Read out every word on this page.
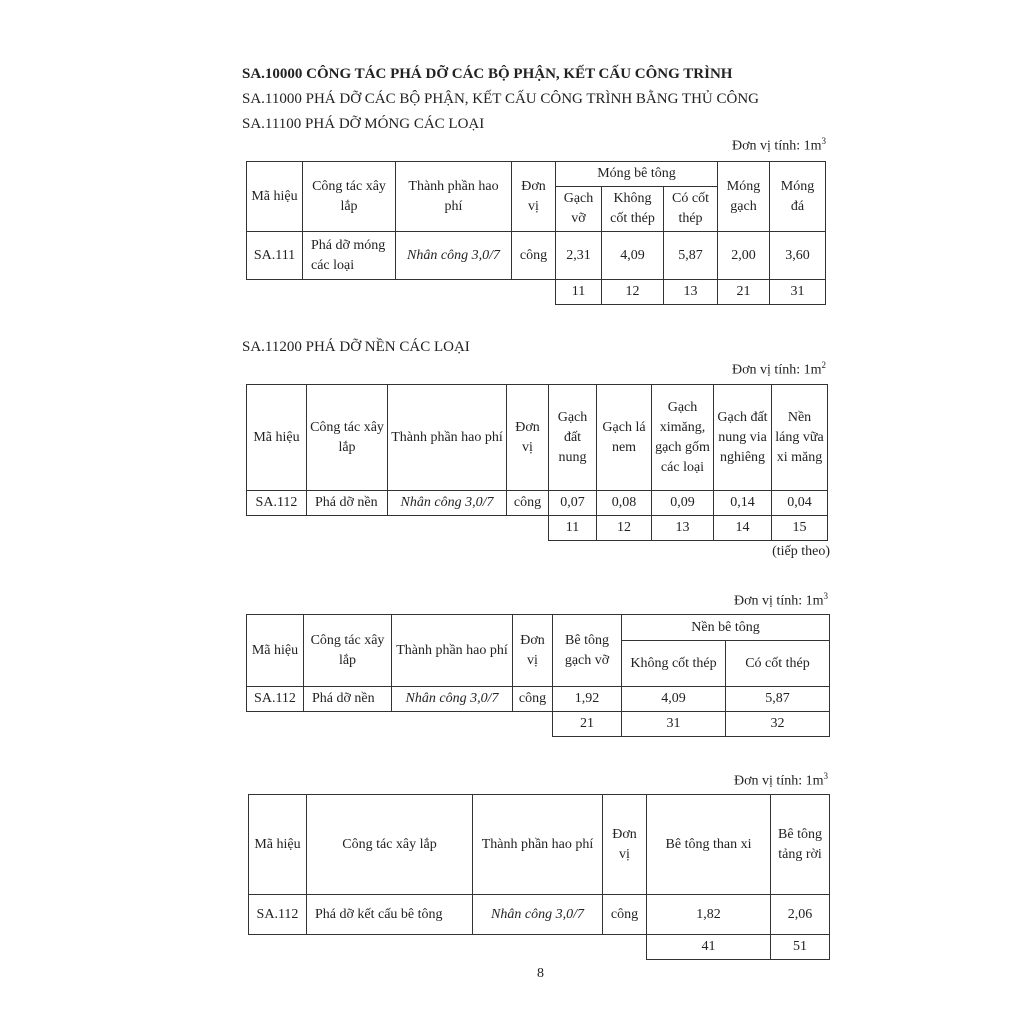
SA.10000 CÔNG TÁC PHÁ DỠ CÁC BỘ PHẬN, KẾT CẤU CÔNG TRÌNH
SA.11000 PHÁ DỠ CÁC BỘ PHẬN, KẾT CẤU CÔNG TRÌNH BẰNG THỦ CÔNG
SA.11100 PHÁ DỠ MÓNG CÁC LOẠI
Đơn vị tính: $1m^3$
Mã hiệu	Công tác xây lắp	Thành phần hao phí	Đơn vị	Móng bê tông			Móng gạch	Móng đá
				Gạch vỡ	Không cốt thép	Có cốt thép		
SA.111	Phá dỡ móng các loại	Nhân công 3,0/7	công	2,31	4,09	5,87	2,00	3,60
				11	12	13	21	31
SA.11200 PHÁ DỠ NỀN CÁC LOẠI
Đơn vị tính: $1m^2$
Mã hiệu	Công tác xây lắp	Thành phần hao phí	Đơn vị	Gạch đất nung	Gạch lá nem	Gạch ximăng, gạch gốm các loại	Gạch đất nung via nghiêng	Nền láng vữa xi măng
SA.112	Phá dỡ nền	Nhân công 3,0/7	công	0,07	0,08	0,09	0,14	0,04
				11	12	13	14	15
(tiếp theo)
Đơn vị tính: $1m^3$
Mã hiệu	Công tác xây lắp	Thành phần hao phí	Đơn vị	Bê tông gạch vỡ	Nền bê tông	
					Không cốt thép	Có cốt thép
SA.112	Phá dỡ nền	Nhân công 3,0/7	công	1,92	4,09	5,87
				21	31	32
Đơn vị tính: $1m^3$
Mã hiệu	Công tác xây lắp	Thành phần hao phí	Đơn vị	Bê tông than xi	Bê tông tảng rời
SA.112	Phá dỡ kết cấu bê tông	Nhân công 3,0/7	công	1,82	2,06
				41	51
8
